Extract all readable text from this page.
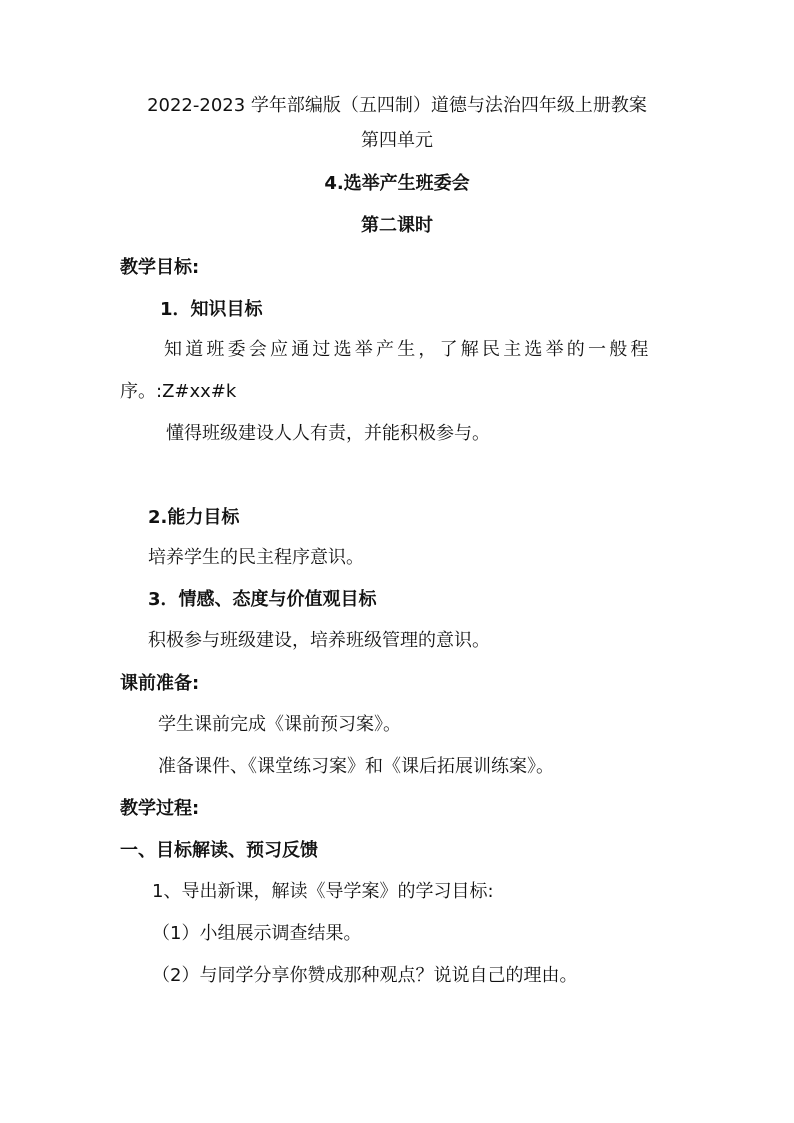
2022-2023 学年部编版（五四制）道德与法治四年级上册教案
第四单元
4.选举产生班委会
第二课时
教学目标:
1．知识目标
知道班委会应通过选举产生，了解民主选举的一般程
序。:Z#xx#k
懂得班级建设人人有责，并能积极参与。
2.能力目标
培养学生的民主程序意识。
3．情感、态度与价值观目标
积极参与班级建设，培养班级管理的意识。
课前准备:
学生课前完成《课前预习案》。
准备课件、《课堂练习案》和《课后拓展训练案》。
教学过程:
一、目标解读、预习反馈
1、导出新课，解读《导学案》的学习目标:
（1）小组展示调查结果。
（2）与同学分享你赞成那种观点？说说自己的理由。
